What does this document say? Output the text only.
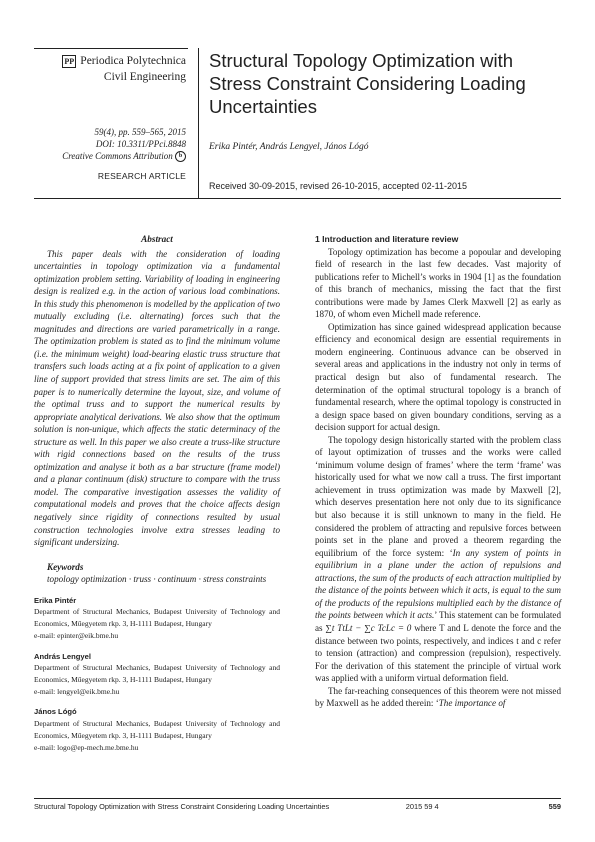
PP Periodica Polytechnica
Civil Engineering
59(4), pp. 559–565, 2015
DOI: 10.3311/PPci.8848
Creative Commons Attribution b
RESEARCH ARTICLE
Structural Topology Optimization with Stress Constraint Considering Loading Uncertainties
Erika Pintér, András Lengyel, János Lógó
Received 30-09-2015, revised 26-10-2015, accepted 02-11-2015
Abstract

This paper deals with the consideration of loading uncertainties in topology optimization via a fundamental optimization problem setting. Variability of loading in engineering design is realized e.g. in the action of various load combinations. In this study this phenomenon is modelled by the application of two mutually excluding (i.e. alternating) forces such that the magnitudes and directions are varied parametrically in a range. The optimization problem is stated as to find the minimum volume (i.e. the minimum weight) load-bearing elastic truss structure that transfers such loads acting at a fix point of application to a given line of support provided that stress limits are set. The aim of this paper is to numerically determine the layout, size, and volume of the optimal truss and to support the numerical results by appropriate analytical derivations. We also show that the optimum solution is non-unique, which affects the static determinacy of the structure as well. In this paper we also create a truss-like structure with rigid connections based on the results of the truss optimization and analyse it both as a bar structure (frame model) and a planar continuum (disk) structure to compare with the truss model. The comparative investigation assesses the validity of computational models and proves that the choice affects design negatively since rigidity of connections resulted by usual construction technologies involve extra stresses leading to significant undersizing.

Keywords
topology optimization · truss · continuum · stress constraints
Erika Pintér
Department of Structural Mechanics, Budapest University of Technology and Economics, Műegyetem rkp. 3, H-1111 Budapest, Hungary
e-mail: epinter@eik.bme.hu
András Lengyel
Department of Structural Mechanics, Budapest University of Technology and Economics, Műegyetem rkp. 3, H-1111 Budapest, Hungary
e-mail: lengyel@eik.bme.hu
János Lógó
Department of Structural Mechanics, Budapest University of Technology and Economics, Műegyetem rkp. 3, H-1111 Budapest, Hungary
e-mail: logo@ep-mech.me.bme.hu
1 Introduction and literature review

Topology optimization has become a popoular and developing field of research in the last few decades. Vast majority of publications refer to Michell’s works in 1904 [1] as the foundation of this branch of mechanics, missing the fact that the first contributions were made by James Clerk Maxwell [2] as early as 1870, of whom even Michell made reference.

Optimization has since gained widespread application because efficiency and economical design are essential requirements in modern engineering. Continuous advance can be observed in several areas and applications in the industry not only in terms of practical design but also of fundamental research. The determination of the optimal structural topology is a branch of fundamental research, where the optimal topology is constructed in a design space based on given boundary conditions, serving as a decision support for actual design.

The topology design historically started with the problem class of layout optimization of trusses and the works were called ‘minimum volume design of frames’ where the term ‘frame’ was historically used for what we now call a truss. The first important achievement in truss optimization was made by Maxwell [2], which deserves presentation here not only due to its significance but also because it is still unknown to many in the field. He considered the problem of attracting and repulsive forces between points set in the plane and proved a theorem regarding the equilibrium of the force system: ‘In any system of points in equilibrium in a plane under the action of repulsions and attractions, the sum of the products of each attraction multiplied by the distance of the points between which it acts, is equal to the sum of the products of the repulsions multiplied each by the distance of the points between which it acts.’ This statement can be formulated as ∑t TtLt − ∑c TcLc = 0 where T and L denote the force and the distance between two points, respectively, and indices t and c refer to tension (attraction) and compression (repulsion), respectively. For the derivation of this statement the principle of virtual work was applied with a uniform virtual deformation field.

The far-reaching consequences of this theorem were not missed by Maxwell as he added therein: ‘The importance of

Structural Topology Optimization with Stress Constraint Considering Loading Uncertainties	2015 59 4	559
